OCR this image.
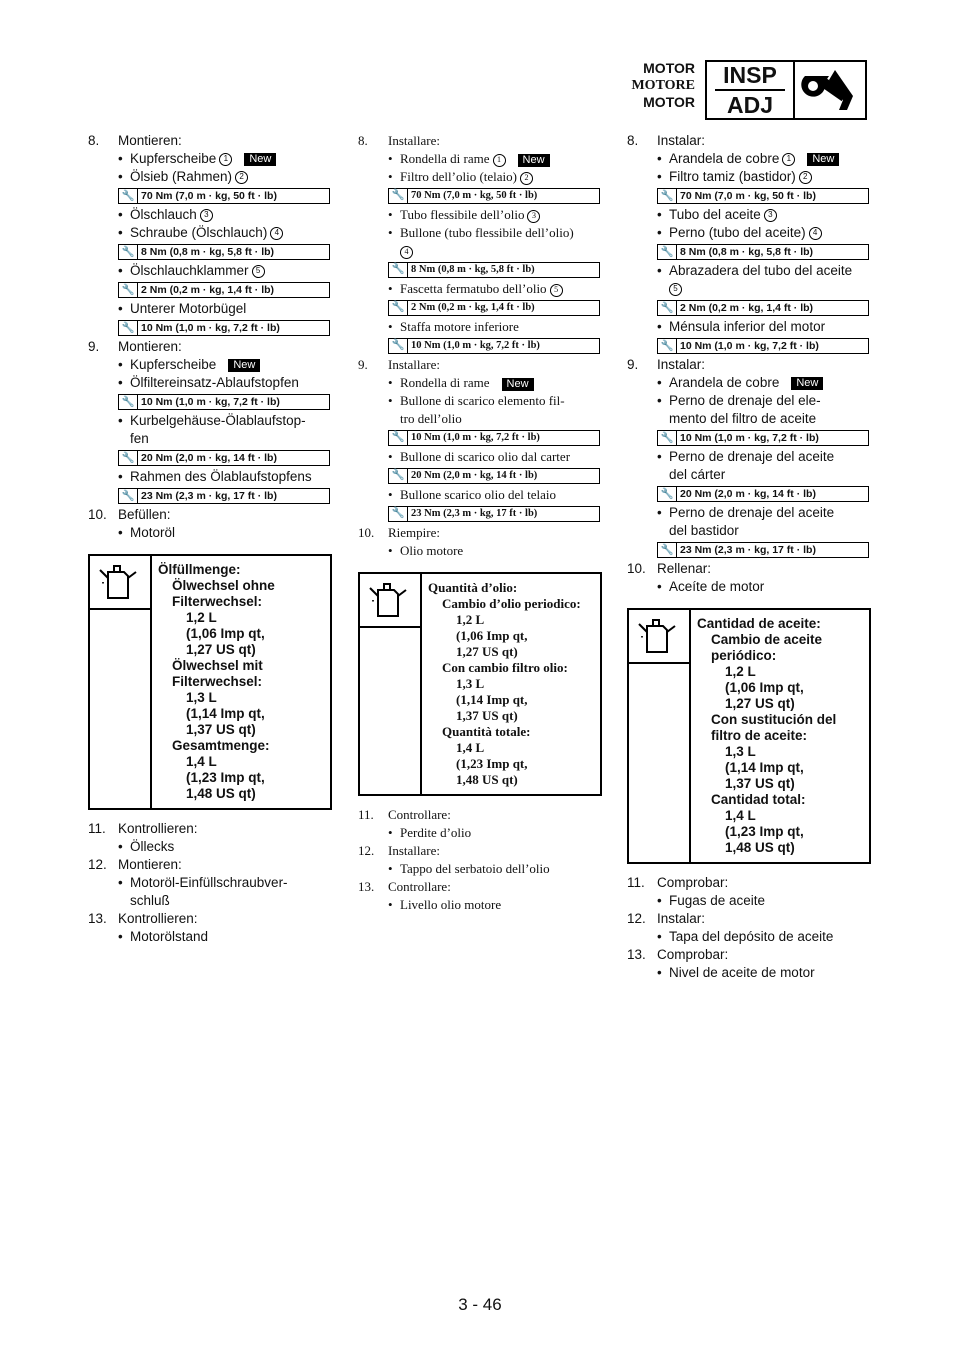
MOTOR
MOTORE
MOTOR
INSP
ADJ
8.	Montieren:
• Kupferscheibe 1 New
• Ölsieb (Rahmen) 2
🔧 70 Nm (7,0 m · kg, 50 ft · lb)
• Ölschlauch 3
• Schraube (Ölschlauch) 4
🔧 8 Nm (0,8 m · kg, 5,8 ft · lb)
• Ölschlauchklammer 5
🔧 2 Nm (0,2 m · kg, 1,4 ft · lb)
• Unterer Motorbügel
🔧 10 Nm (1,0 m · kg, 7,2 ft · lb)
9.	Montieren:
• Kupferscheibe New
• Ölfiltereinsatz-Ablaufstopfen
🔧 10 Nm (1,0 m · kg, 7,2 ft · lb)
• Kurbelgehäuse-Ölablaufstop-
fen
🔧 20 Nm (2,0 m · kg, 14 ft · lb)
• Rahmen des Ölablaufstopfens
🔧 23 Nm (2,3 m · kg, 17 ft · lb)
10. Befüllen:
• Motoröl
Ölfüllmenge:
Ölwechsel ohne
Filterwechsel:
1,2 L
(1,06 Imp qt,
1,27 US qt)
Ölwechsel mit
Filterwechsel:
1,3 L
(1,14 Imp qt,
1,37 US qt)
Gesamtmenge:
1,4 L
(1,23 Imp qt,
1,48 US qt)
11. Kontrollieren:
• Öllecks
12. Montieren:
• Motoröl-Einfüllschraubver-
schluß
13. Kontrollieren:
• Motorölstand
8.	Installare:
• Rondella di rame 1 New
• Filtro dell’olio (telaio) 2
🔧 70 Nm (7,0 m · kg, 50 ft · lb)
• Tubo flessibile dell’olio 3
• Bullone (tubo flessibile dell’olio)
4
🔧 8 Nm (0,8 m · kg, 5,8 ft · lb)
• Fascetta fermatubo dell’olio 5
🔧 2 Nm (0,2 m · kg, 1,4 ft · lb)
• Staffa motore inferiore
🔧 10 Nm (1,0 m · kg, 7,2 ft · lb)
9.	Installare:
• Rondella di rame New
• Bullone di scarico elemento fil-
tro dell’olio
🔧 10 Nm (1,0 m · kg, 7,2 ft · lb)
• Bullone di scarico olio dal carter
🔧 20 Nm (2,0 m · kg, 14 ft · lb)
• Bullone scarico olio del telaio
🔧 23 Nm (2,3 m · kg, 17 ft · lb)
10.	Riempire:
• Olio motore
Quantità d’olio:
Cambio d’olio periodico:
1,2 L
(1,06 Imp qt,
1,27 US qt)
Con cambio filtro olio:
1,3 L
(1,14 Imp qt,
1,37 US qt)
Quantità totale:
1,4 L
(1,23 Imp qt,
1,48 US qt)
11.	Controllare:
• Perdite d’olio
12.	Installare:
• Tappo del serbatoio dell’olio
13.	Controllare:
• Livello olio motore
8.	Instalar:
• Arandela de cobre 1 New
• Filtro tamiz (bastidor) 2
🔧 70 Nm (7,0 m · kg, 50 ft · lb)
• Tubo del aceite 3
• Perno (tubo del aceite) 4
🔧 8 Nm (0,8 m · kg, 5,8 ft · lb)
• Abrazadera del tubo del aceite
5
🔧 2 Nm (0,2 m · kg, 1,4 ft · lb)
• Ménsula inferior del motor
🔧 10 Nm (1,0 m · kg, 7,2 ft · lb)
9.	Instalar:
• Arandela de cobre New
• Perno de drenaje del ele-
mento del filtro de aceite
🔧 10 Nm (1,0 m · kg, 7,2 ft · lb)
• Perno de drenaje del aceite
del cárter
🔧 20 Nm (2,0 m · kg, 14 ft · lb)
• Perno de drenaje del aceite
del bastidor
🔧 23 Nm (2,3 m · kg, 17 ft · lb)
10. Rellenar:
• Aceíte de motor
Cantidad de aceite:
Cambio de aceite
periódico:
1,2 L
(1,06 Imp qt,
1,27 US qt)
Con sustitución del
filtro de aceite:
1,3 L
(1,14 Imp qt,
1,37 US qt)
Cantidad total:
1,4 L
(1,23 Imp qt,
1,48 US qt)
11. Comprobar:
• Fugas de aceite
12. Instalar:
• Tapa del depósito de aceite
13. Comprobar:
• Nivel de aceite de motor
3 - 46
